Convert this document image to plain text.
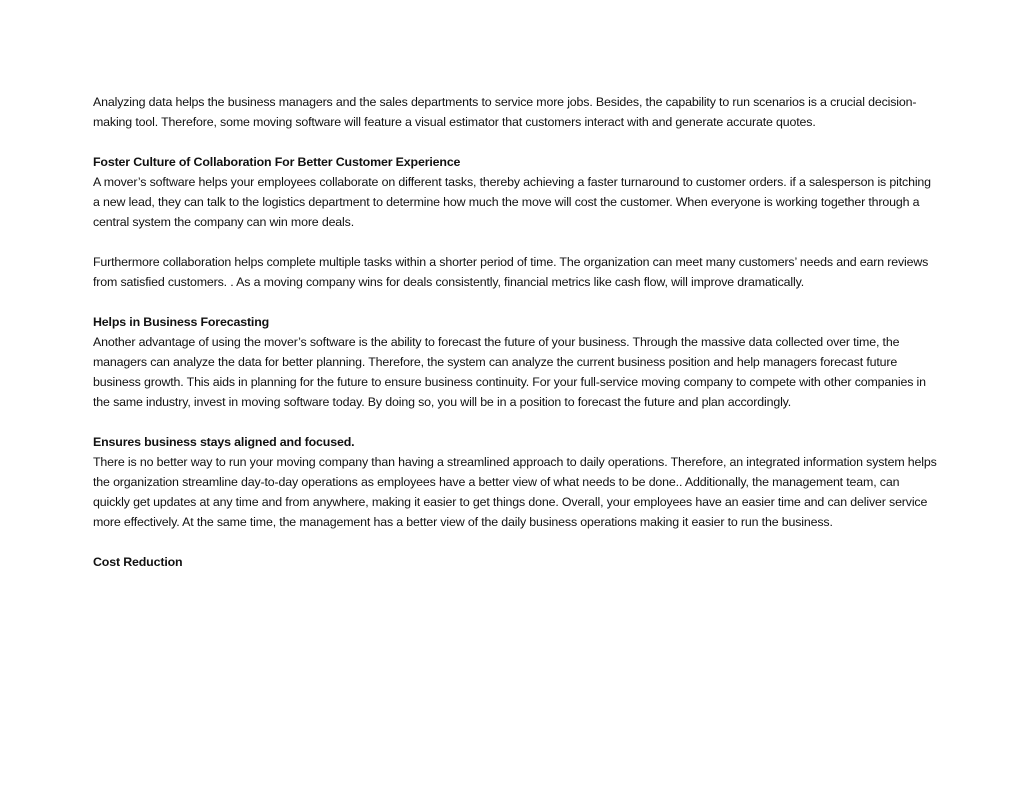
Analyzing data helps the business managers and the sales departments to service more jobs. Besides, the capability to run scenarios is a crucial decision-making tool. Therefore, some moving software will feature a visual estimator that customers interact with and generate accurate quotes.

Foster Culture of Collaboration For Better Customer Experience

A mover’s software helps your employees collaborate on different tasks, thereby achieving a faster turnaround to customer orders. if a salesperson is pitching a new lead, they can talk to the logistics department to determine how much the move will cost the customer. When everyone is working together through a central system the company can win more deals.

Furthermore collaboration helps complete multiple tasks within a shorter period of time. The organization can meet many customers’ needs and earn reviews from satisfied customers. . As a moving company wins for deals consistently, financial metrics like cash flow, will improve dramatically.

Helps in Business Forecasting

Another advantage of using the mover’s software is the ability to forecast the future of your business. Through the massive data collected over time, the managers can analyze the data for better planning. Therefore, the system can analyze the current business position and help managers forecast future business growth. This aids in planning for the future to ensure business continuity. For your full-service moving company to compete with other companies in the same industry, invest in moving software today. By doing so, you will be in a position to forecast the future and plan accordingly.

Ensures business stays aligned and focused.

There is no better way to run your moving company than having a streamlined approach to daily operations. Therefore, an integrated information system helps the organization streamline day-to-day operations as employees have a better view of what needs to be done.. Additionally, the management team, can quickly get updates at any time and from anywhere, making it easier to get things done. Overall, your employees have an easier time and can deliver service more effectively. At the same time, the management has a better view of the daily business operations making it easier to run the business.

Cost Reduction
